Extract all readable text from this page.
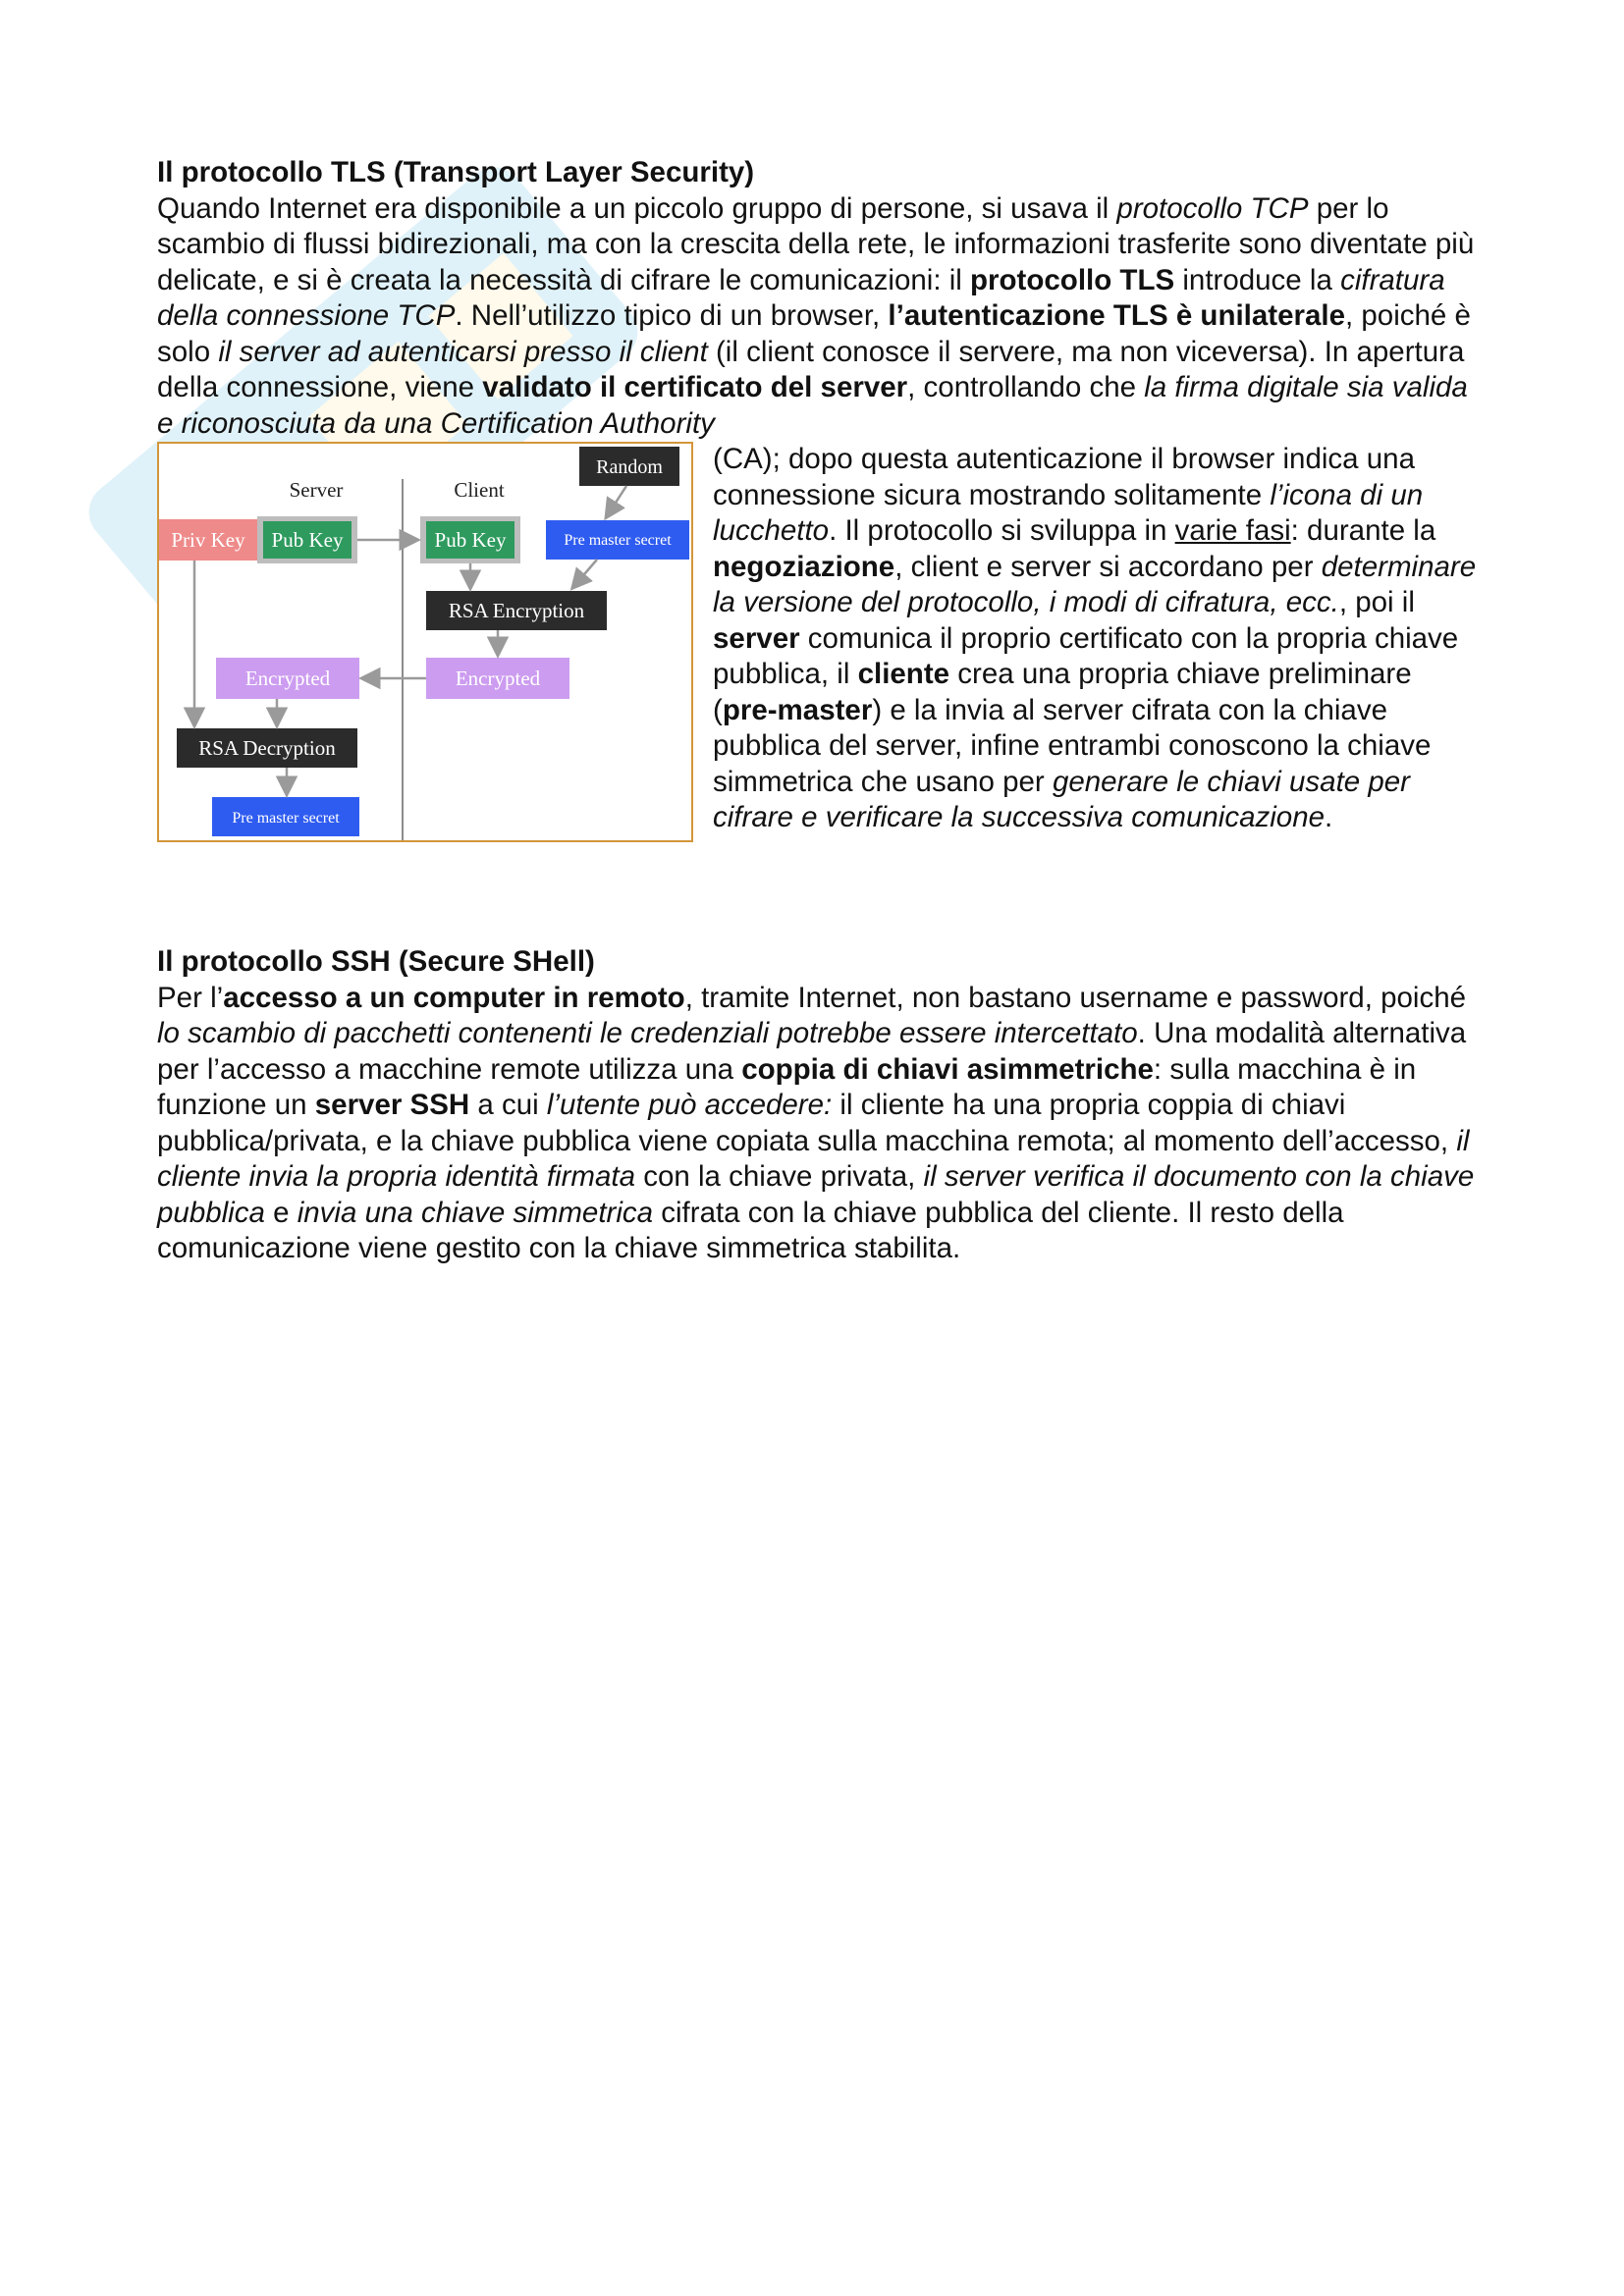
Il protocollo TLS (Transport Layer Security)
Quando Internet era disponibile a un piccolo gruppo di persone, si usava il protocollo TCP per lo scambio di flussi bidirezionali, ma con la crescita della rete, le informazioni trasferite sono diventate più delicate, e si è creata la necessità di cifrare le comunicazioni: il protocollo TLS introduce la cifratura della connessione TCP. Nell’utilizzo tipico di un browser, l’autenticazione TLS è unilaterale, poiché è solo il server ad autenticarsi presso il client (il client conosce il servere, ma non viceversa). In apertura della connessione, viene validato il certificato del server, controllando che la firma digitale sia valida e riconosciuta da una Certification Authority
Server	Client
Random
Priv Key Pub Key	Pub Key	Pre master secret
RSA Encryption
Encrypted
Encrypted
RSA Decryption
Pre master secret
(CA); dopo questa autenticazione il browser indica una connessione sicura mostrando solitamente l’icona di un lucchetto. Il protocollo si sviluppa in varie fasi: durante la negoziazione, client e server si accordano per determinare la versione del protocollo, i modi di cifratura, ecc., poi il server comunica il proprio certificato con la propria chiave pubblica, il cliente crea una propria chiave preliminare (pre-master) e la invia al server cifrata con la chiave pubblica del server, infine entrambi conoscono la chiave simmetrica che usano per generare le chiavi usate per cifrare e verificare la successiva comunicazione.
Il protocollo SSH (Secure SHell)
Per l’accesso a un computer in remoto, tramite Internet, non bastano username e password, poiché lo scambio di pacchetti contenenti le credenziali potrebbe essere intercettato. Una modalità alternativa per l’accesso a macchine remote utilizza una coppia di chiavi asimmetriche: sulla macchina è in funzione un server SSH a cui l’utente può accedere: il cliente ha una propria coppia di chiavi pubblica/privata, e la chiave pubblica viene copiata sulla macchina remota; al momento dell’accesso, il cliente invia la propria identità firmata con la chiave privata, il server verifica il documento con la chiave pubblica e invia una chiave simmetrica cifrata con la chiave pubblica del cliente. Il resto della comunicazione viene gestito con la chiave simmetrica stabilita.
